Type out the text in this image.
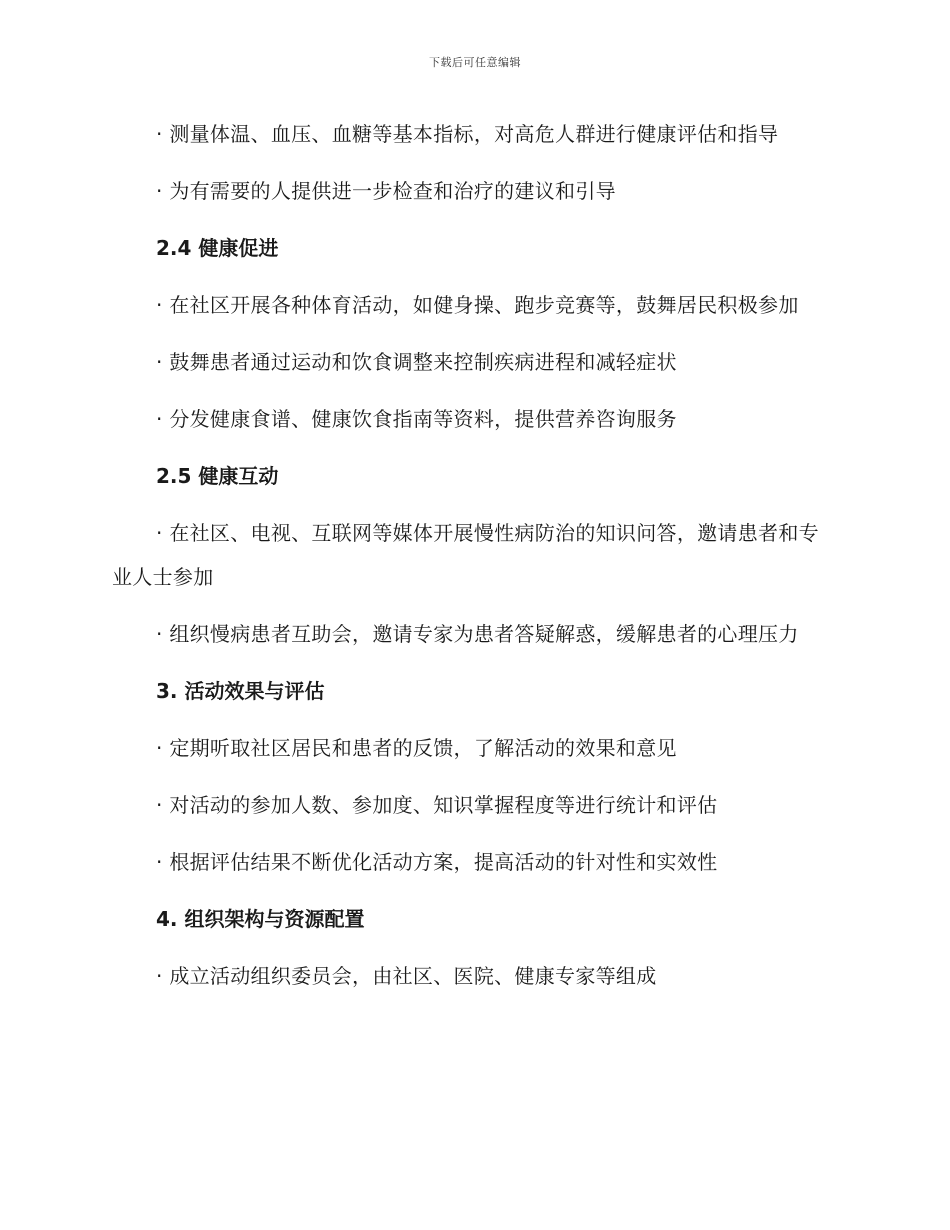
下载后可任意编辑

· 测量体温、血压、血糖等基本指标，对高危人群进行健康评估和指导

· 为有需要的人提供进一步检查和治疗的建议和引导

2.4 健康促进

· 在社区开展各种体育活动，如健身操、跑步竞赛等，鼓舞居民积极参加

· 鼓舞患者通过运动和饮食调整来控制疾病进程和减轻症状

· 分发健康食谱、健康饮食指南等资料，提供营养咨询服务

2.5 健康互动

· 在社区、电视、互联网等媒体开展慢性病防治的知识问答，邀请患者和专业人士参加

· 组织慢病患者互助会，邀请专家为患者答疑解惑，缓解患者的心理压力

3. 活动效果与评估

· 定期听取社区居民和患者的反馈，了解活动的效果和意见

· 对活动的参加人数、参加度、知识掌握程度等进行统计和评估

· 根据评估结果不断优化活动方案，提高活动的针对性和实效性

4. 组织架构与资源配置

· 成立活动组织委员会，由社区、医院、健康专家等组成
